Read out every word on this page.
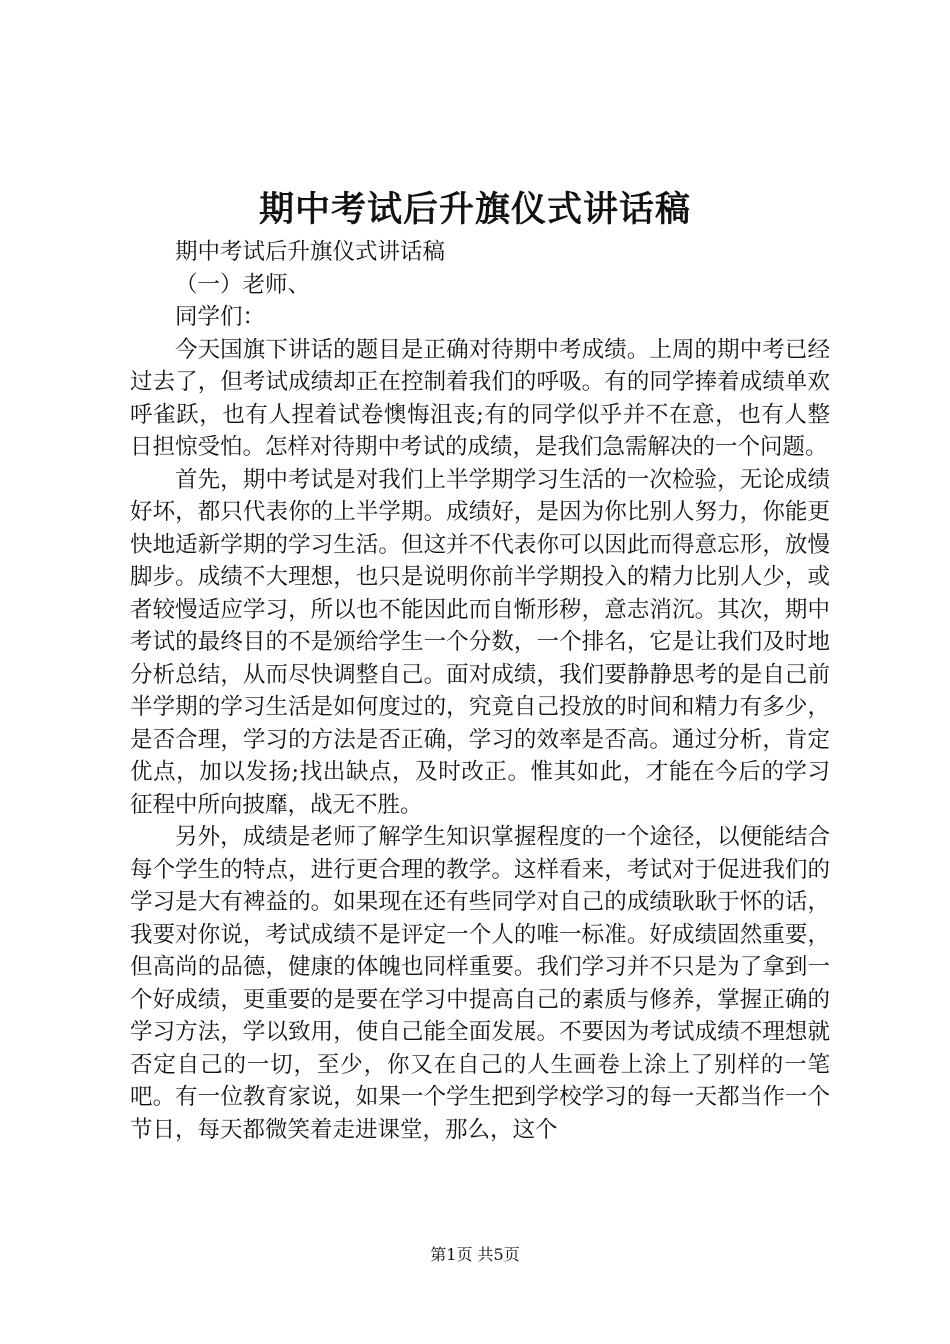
期中考试后升旗仪式讲话稿

期中考试后升旗仪式讲话稿

（一）老师、

同学们：

今天国旗下讲话的题目是正确对待期中考成绩。上周的期中考已经过去了，但考试成绩却正在控制着我们的呼吸。有的同学捧着成绩单欢呼雀跃，也有人捏着试卷懊悔沮丧;有的同学似乎并不在意，也有人整日担惊受怕。怎样对待期中考试的成绩，是我们急需解决的一个问题。

首先，期中考试是对我们上半学期学习生活的一次检验，无论成绩好坏，都只代表你的上半学期。成绩好，是因为你比别人努力，你能更快地适新学期的学习生活。但这并不代表你可以因此而得意忘形，放慢脚步。成绩不大理想，也只是说明你前半学期投入的精力比别人少，或者较慢适应学习，所以也不能因此而自惭形秽，意志消沉。其次，期中考试的最终目的不是颁给学生一个分数，一个排名，它是让我们及时地分析总结，从而尽快调整自己。面对成绩，我们要静静思考的是自己前半学期的学习生活是如何度过的，究竟自己投放的时间和精力有多少，是否合理，学习的方法是否正确，学习的效率是否高。通过分析，肯定优点，加以发扬;找出缺点，及时改正。惟其如此，才能在今后的学习征程中所向披靡，战无不胜。

另外，成绩是老师了解学生知识掌握程度的一个途径，以便能结合每个学生的特点，进行更合理的教学。这样看来，考试对于促进我们的学习是大有裨益的。如果现在还有些同学对自己的成绩耿耿于怀的话，我要对你说，考试成绩不是评定一个人的唯一标准。好成绩固然重要，但高尚的品德，健康的体魄也同样重要。我们学习并不只是为了拿到一个好成绩，更重要的是要在学习中提高自己的素质与修养，掌握正确的学习方法，学以致用，使自己能全面发展。不要因为考试成绩不理想就否定自己的一切，至少，你又在自己的人生画卷上涂上了别样的一笔吧。有一位教育家说，如果一个学生把到学校学习的每一天都当作一个节日，每天都微笑着走进课堂，那么，这个

第1页 共5页
